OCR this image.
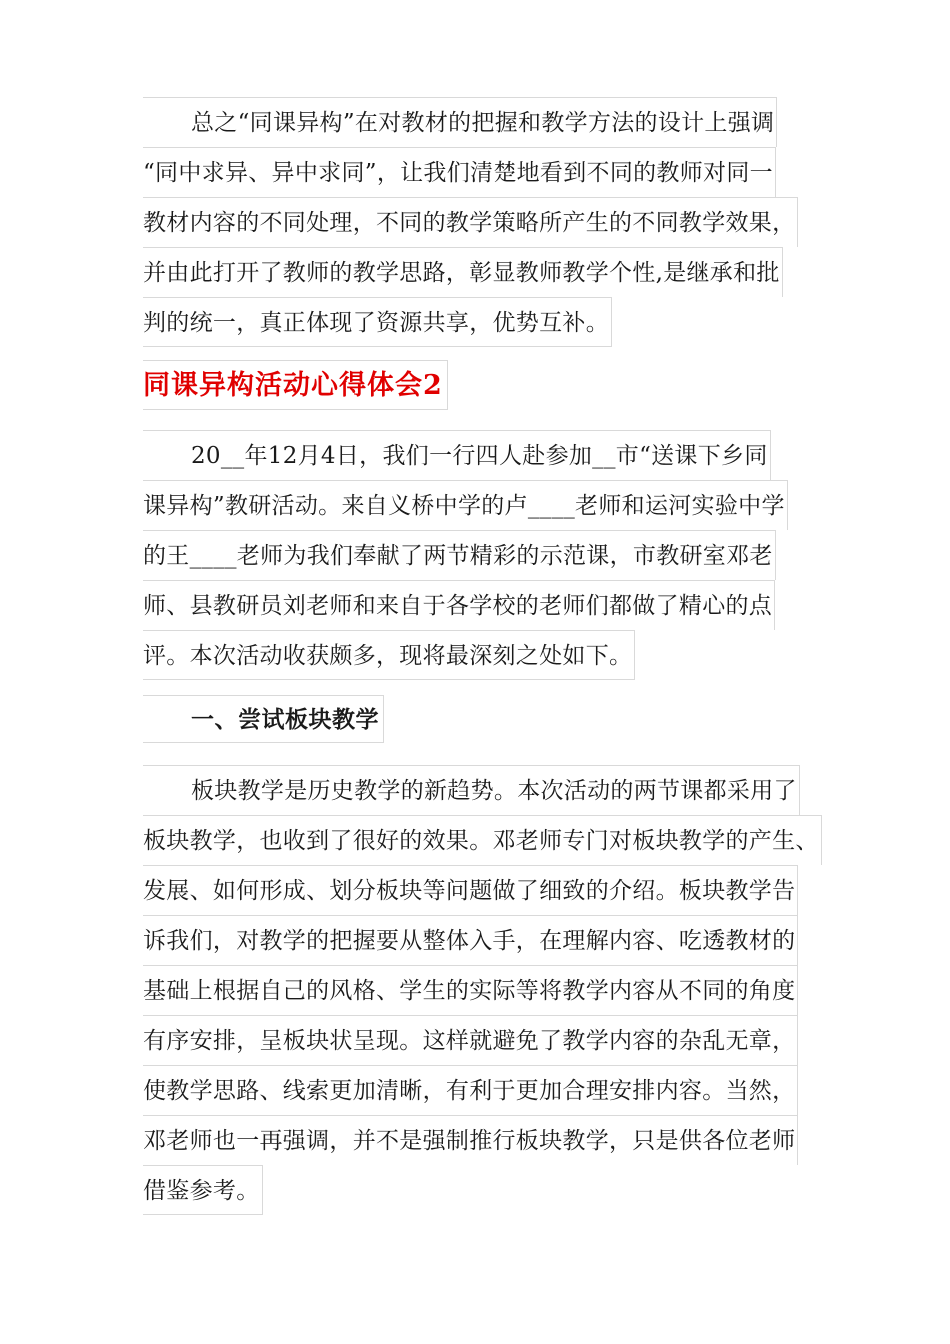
总之“同课异构”在对教材的把握和教学方法的设计上强调
“同中求异、异中求同”，让我们清楚地看到不同的教师对同一
教材内容的不同处理，不同的教学策略所产生的不同教学效果，
并由此打开了教师的教学思路，彰显教师教学个性,是继承和批
判的统一，真正体现了资源共享，优势互补。
同课异构活动心得体会2
20__年12月4日，我们一行四人赴参加__市“送课下乡同
课异构”教研活动。来自义桥中学的卢____老师和运河实验中学
的王____老师为我们奉献了两节精彩的示范课，市教研室邓老
师、县教研员刘老师和来自于各学校的老师们都做了精心的点
评。本次活动收获颇多，现将最深刻之处如下。
一、尝试板块教学
板块教学是历史教学的新趋势。本次活动的两节课都采用了
板块教学，也收到了很好的效果。邓老师专门对板块教学的产生、
发展、如何形成、划分板块等问题做了细致的介绍。板块教学告
诉我们，对教学的把握要从整体入手，在理解内容、吃透教材的
基础上根据自己的风格、学生的实际等将教学内容从不同的角度
有序安排，呈板块状呈现。这样就避免了教学内容的杂乱无章，
使教学思路、线索更加清晰，有利于更加合理安排内容。当然，
邓老师也一再强调，并不是强制推行板块教学，只是供各位老师
借鉴参考。
